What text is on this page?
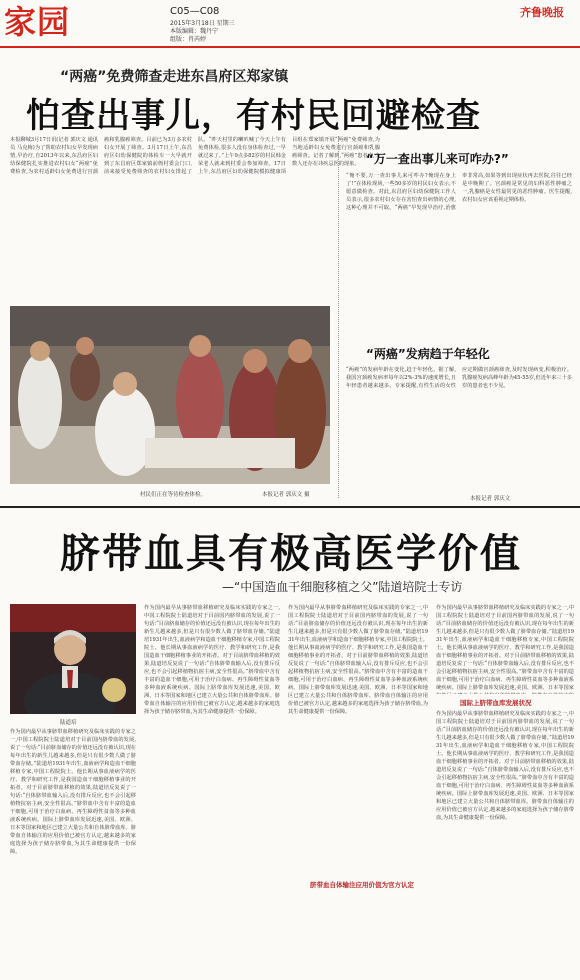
家园	C05—C08
2015年3月18日 星期三
本版编辑：魏丹宁
组版：肖芮婷
齐鲁晚报
“两癌”免费筛查走进东昌府区郑家镇
怕查出事儿，有村民回避检查
本报聊城3月17日讯(记者 郭庆文 通讯员 马克梅)为了帮助农村妇女早发现病情,早治疗,自2013年以来,东昌府区妇幼保健院扎实推进农村妇女“两癌”免费检查,为农村适龄妇女免费进行宫颈癌和乳腺癌筛查。目前已为3万多农村妇女开展了筛查。3月17日上午,东昌府区妇幼保健院的体检车一大早就开到了东昌府区郑家镇前衙村委会门口,前来接受免费筛查的农村妇女排起了队。“昨天村里的喇叭喊了今天上午有免费体检,很多人没有身体检查过,一早就过来了。”上午9点多82岁的村民韩金荣老人就来到村委会参加筛查。17日上午,东昌府区妇幼保健院模拟健康项目组在郑家镇开展“两癌”免费筛查,为当地适龄妇女免费进行宫颈癌和乳腺癌筛查。记者了解到,“两癌”患者中,少数人还存在讳疾忌医的现象。
村民们正在等待检查体检。	本报记者 郭庆文 摄
“万一查出事儿来可咋办?”
“俺不要,万一查出事儿来可咋办?俺现在身上了!”在体检现场,一些50多岁的村民妇女表示,不愿意做检查。对此,东昌府区妇幼保健院工作人员表示,很多农村妇女存在害怕查出病情的心理,这种心理并不可取。“两癌”早发现早治疗,治愈率非常高,如果等到出现症状再去医院,往往已经是中晚期了。宫颈癌是常见的妇科恶性肿瘤之一,乳腺癌是女性最常见的恶性肿瘤。医生提醒,农村妇女应该重视定期体检。
“两癌”发病趋于年轻化
“两癌”的发病年龄在变化,趋于年轻化。据了解,我国宫颈癌发病率每年以2%-3%的速度增长,且年轻患者越来越多。专家提醒,有性生活的女性应定期做宫颈癌筛查,及时发现病变,积极治疗。乳腺癌发病高峰年龄为45-55岁,但近年来三十多岁的患者也不少见。
本报记者 郭庆文
脐带血具有极高医学价值
—“中国造血干细胞移植之父”陆道培院士专访
陆道培
作为国内最早从事脐带血移植研究及临床实践的专家之一,中国工程院院士陆道培对于目前国内脐带血的发展,说了一句话:“目前脐血储存的价值还远没有被认识,现在每年出生的新生儿越来越多,但是只有很少数人做了脐带血存储。”陆道培1931年出生,血液病学和造血干细胞移植专家,中国工程院院士。他长期从事血液病学的医疗、教学和研究工作,是我国造血干细胞移植事业的开拓者。对于目前脐带血移植的效果,陆道培反复说了一句话:“自体脐带血输入后,没有排斥反应,也不会引起移植物抗宿主病,安全性很高。”脐带血中含有丰富的造血干细胞,可用于治疗白血病、再生障碍性贫血等多种血液系统疾病。国际上脐带血库发展迅速,美国、欧洲、日本等国家和地区已建立大量公共和自体脐带血库。脐带血自体输注的应用价值已被官方认定,越来越多的家庭选择为孩子储存脐带血,为其生命健康提供一份保障。
作为国内最早从事脐带血移植研究及临床实践的专家之一,中国工程院院士陆道培对于目前国内脐带血的发展,说了一句话:“目前脐血储存的价值还远没有被认识,现在每年出生的新生儿越来越多,但是只有很少数人做了脐带血存储。”陆道培1931年出生,血液病学和造血干细胞移植专家,中国工程院院士。他长期从事血液病学的医疗、教学和研究工作,是我国造血干细胞移植事业的开拓者。对于目前脐带血移植的效果,陆道培反复说了一句话:“自体脐带血输入后,没有排斥反应,也不会引起移植物抗宿主病,安全性很高。”脐带血中含有丰富的造血干细胞,可用于治疗白血病、再生障碍性贫血等多种血液系统疾病。国际上脐带血库发展迅速,美国、欧洲、日本等国家和地区已建立大量公共和自体脐带血库。脐带血自体输注的应用价值已被官方认定,越来越多的家庭选择为孩子储存脐带血,为其生命健康提供一份保障。
作为国内最早从事脐带血移植研究及临床实践的专家之一,中国工程院院士陆道培对于目前国内脐带血的发展,说了一句话:“目前脐血储存的价值还远没有被认识,现在每年出生的新生儿越来越多,但是只有很少数人做了脐带血存储。”陆道培1931年出生,血液病学和造血干细胞移植专家,中国工程院院士。他长期从事血液病学的医疗、教学和研究工作,是我国造血干细胞移植事业的开拓者。对于目前脐带血移植的效果,陆道培反复说了一句话:“自体脐带血输入后,没有排斥反应,也不会引起移植物抗宿主病,安全性很高。”脐带血中含有丰富的造血干细胞,可用于治疗白血病、再生障碍性贫血等多种血液系统疾病。国际上脐带血库发展迅速,美国、欧洲、日本等国家和地区已建立大量公共和自体脐带血库。脐带血自体输注的应用价值已被官方认定,越来越多的家庭选择为孩子储存脐带血,为其生命健康提供一份保障。
作为国内最早从事脐带血移植研究及临床实践的专家之一,中国工程院院士陆道培对于目前国内脐带血的发展,说了一句话:“目前脐血储存的价值还远没有被认识,现在每年出生的新生儿越来越多,但是只有很少数人做了脐带血存储。”陆道培1931年出生,血液病学和造血干细胞移植专家,中国工程院院士。他长期从事血液病学的医疗、教学和研究工作,是我国造血干细胞移植事业的开拓者。对于目前脐带血移植的效果,陆道培反复说了一句话:“自体脐带血输入后,没有排斥反应,也不会引起移植物抗宿主病,安全性很高。”脐带血中含有丰富的造血干细胞,可用于治疗白血病、再生障碍性贫血等多种血液系统疾病。国际上脐带血库发展迅速,美国、欧洲、日本等国家
国际上脐带血库发展状况
作为国内最早从事脐带血移植研究及临床实践的专家之一,中国工程院院士陆道培对于目前国内脐带血的发展,说了一句话:“目前脐血储存的价值还远没有被认识,现在每年出生的新生儿越来越多,但是只有很少数人做了脐带血存储。”陆道培1931年出生,血液病学和造血干细胞移植专家,中国工程院院士。他长期从事血液病学的医疗、教学和研究工作,是我国造血干细胞移植事业的开拓者。对于目前脐带血移植的效果,陆道培反复说了一句话:“自体脐带血输入后,没有排斥反应,也不会引起移植物抗宿主病,安全性很高。”脐带血中含有丰富的造血干细胞,可用于治疗白血病、再生障碍性贫血等多种血液系统疾病。国际上脐带血库发展迅速,美国、欧洲、日本等国家和地区已建立大量公共和自体脐带血库。脐带血自体输注的应用价值已被官方认定,越来越多的家庭选择为孩子储存脐带血,为其生命健康提供一份保障。
脐带血自体输注应用价值为官方认定
